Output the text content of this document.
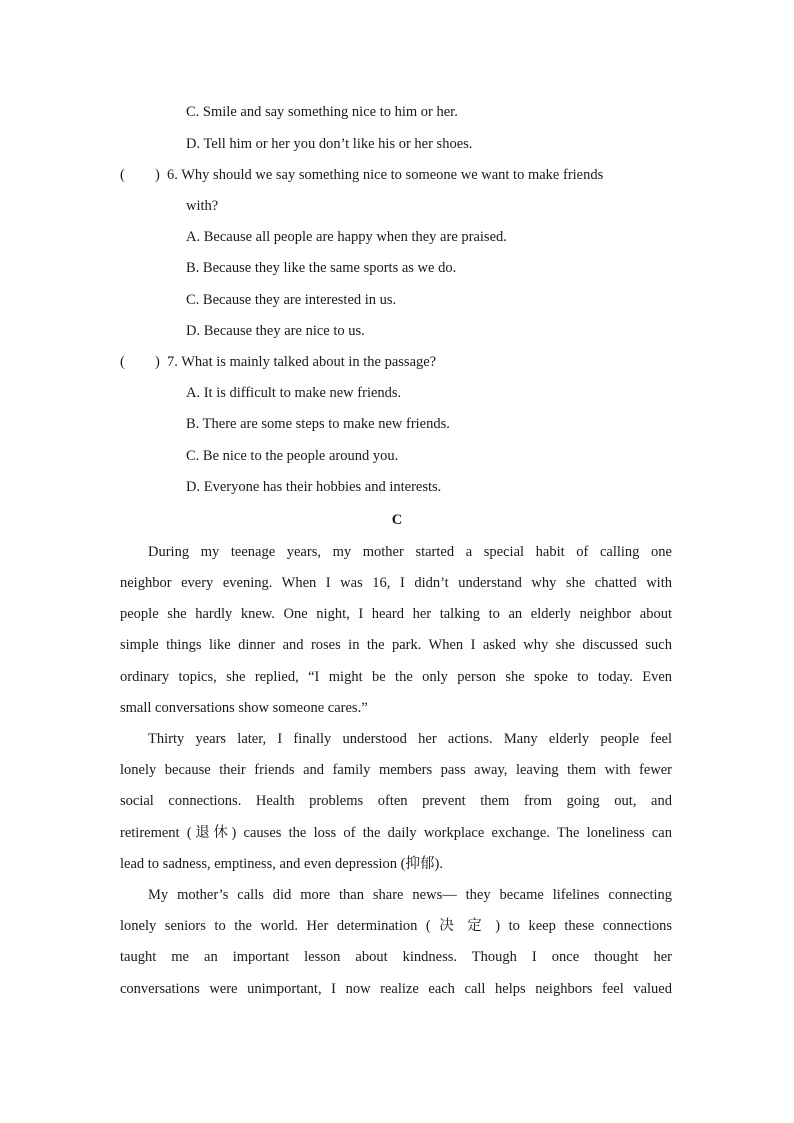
C. Smile and say something nice to him or her.
D. Tell him or her you don’t like his or her shoes.
( ) 6. Why should we say something nice to someone we want to make friends
with?
A. Because all people are happy when they are praised.
B. Because they like the same sports as we do.
C. Because they are interested in us.
D. Because they are nice to us.
( ) 7. What is mainly talked about in the passage?
A. It is difficult to make new friends.
B. There are some steps to make new friends.
C. Be nice to the people around you.
D. Everyone has their hobbies and interests.
C
During my teenage years, my mother started a special habit of calling one
neighbor every evening. When I was 16, I didn’t understand why she chatted with
people she hardly knew. One night, I heard her talking to an elderly neighbor about
simple things like dinner and roses in the park. When I asked why she discussed such
ordinary topics, she replied, “I might be the only person she spoke to today. Even
small conversations show someone cares.”
Thirty years later, I finally understood her actions. Many elderly people feel
lonely because their friends and family members pass away, leaving them with fewer
social connections. Health problems often prevent them from going out, and
retirement (退休) causes the loss of the daily workplace exchange. The loneliness can
lead to sadness, emptiness, and even depression (抑郁).
My mother’s calls did more than share news— they became lifelines connecting
lonely seniors to the world. Her determination ( 决 定 ) to keep these connections
taught me an important lesson about kindness. Though I once thought her
conversations were unimportant, I now realize each call helps neighbors feel valued
